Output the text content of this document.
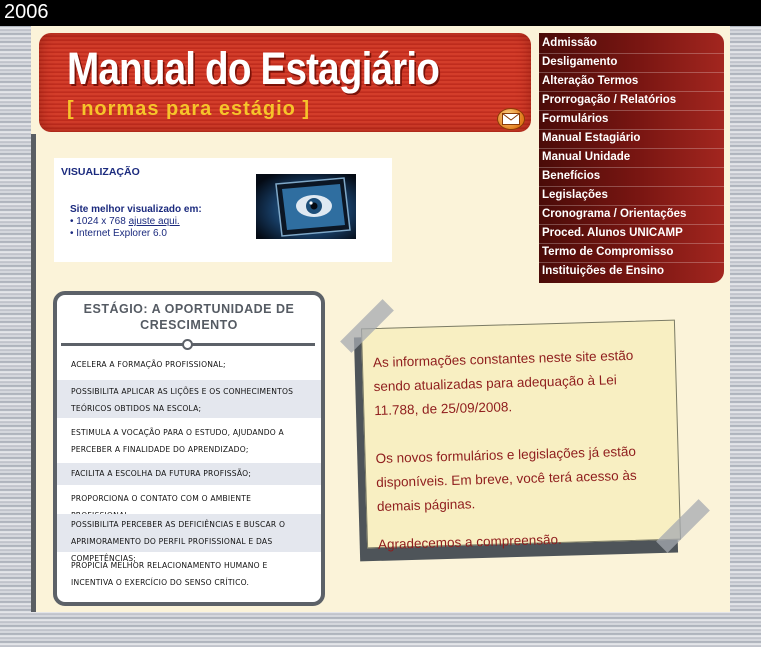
2006
Manual do Estagiário
[ normas para estágio ]
Admissão
Desligamento
Alteração Termos
Prorrogação / Relatórios
Formulários
Manual Estagiário
Manual Unidade
Benefícios
Legislações
Cronograma / Orientações
Proced. Alunos UNICAMP
Termo de Compromisso
Instituições de Ensino
VISUALIZAÇÃO
Site melhor visualizado em:
• 1024 x 768 ajuste aqui.
• Internet Explorer 6.0
ESTÁGIO: A OPORTUNIDADE DE CRESCIMENTO
ACELERA A FORMAÇÃO PROFISSIONAL;
POSSIBILITA APLICAR AS LIÇÕES E OS CONHECIMENTOS TEÓRICOS OBTIDOS NA ESCOLA;
ESTIMULA A VOCAÇÃO PARA O ESTUDO, AJUDANDO A PERCEBER A FINALIDADE DO APRENDIZADO;
FACILITA A ESCOLHA DA FUTURA PROFISSÃO;
PROPORCIONA O CONTATO COM O AMBIENTE
POSSIBILITA PERCEBER AS DEFICIÊNCIAS E BUSCAR O APRIMORAMENTO DO PERFIL PROFISSIONAL E DAS COMPETÊNCIAS;
PROPICIA MELHOR RELACIONAMENTO HUMANO E INCENTIVA O EXERCÍCIO DO SENSO CRÍTICO.

As informações constantes neste site estão sendo atualizadas para adequação à Lei 11.788, de 25/09/2008.

Os novos formulários e legislações já estão disponíveis. Em breve, você terá acesso às demais páginas.

Agradecemos a compreensão.
